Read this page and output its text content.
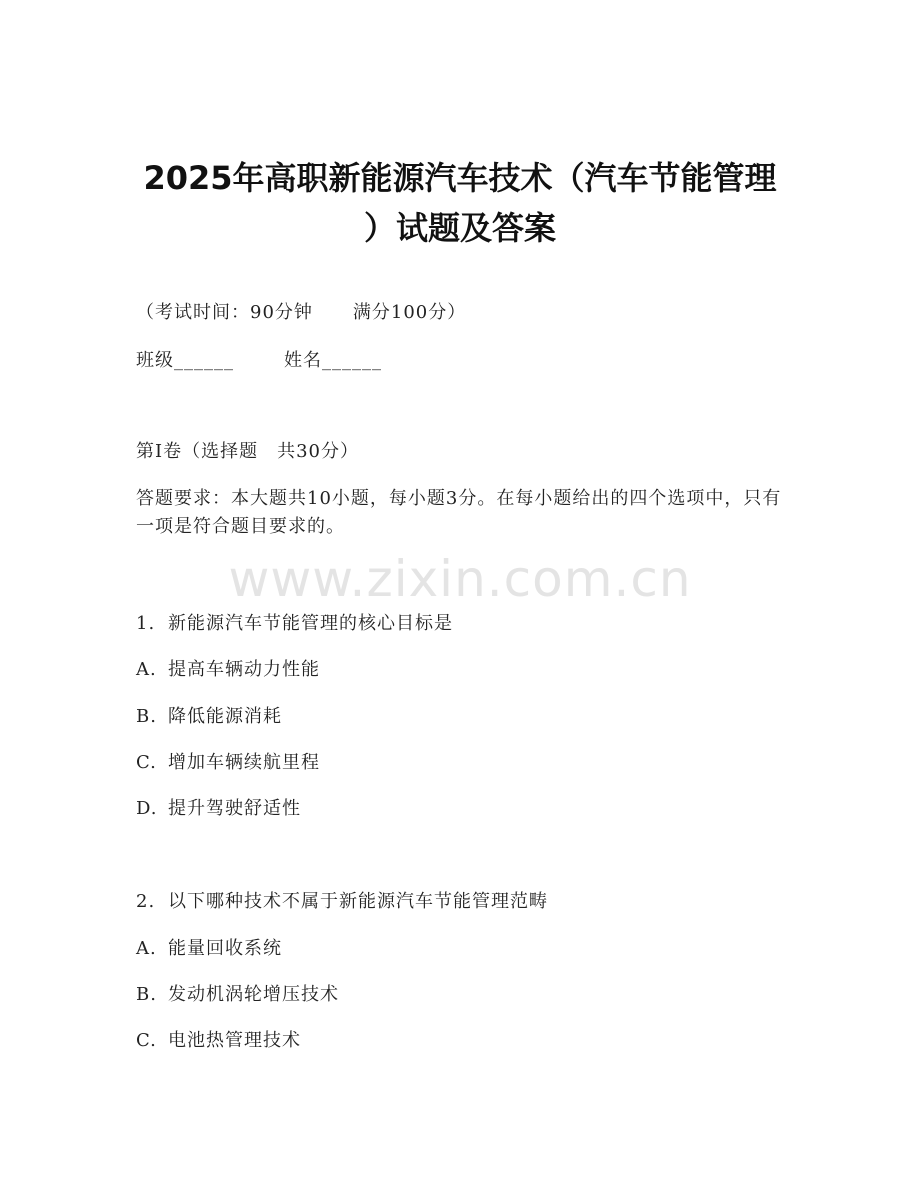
2025年高职新能源汽车技术（汽车节能管理
）试题及答案

（考试时间：90分钟 满分100分）

班级______	姓名______

第I卷（选择题　共30分）

答题要求：本大题共10小题，每小题3分。在每小题给出的四个选项中，只有一项是符合题目要求的。

www.zixin.com.cn

1. 新能源汽车节能管理的核心目标是

A. 提高车辆动力性能

B. 降低能源消耗

C. 增加车辆续航里程

D. 提升驾驶舒适性

2. 以下哪种技术不属于新能源汽车节能管理范畴

A. 能量回收系统

B. 发动机涡轮增压技术

C. 电池热管理技术
